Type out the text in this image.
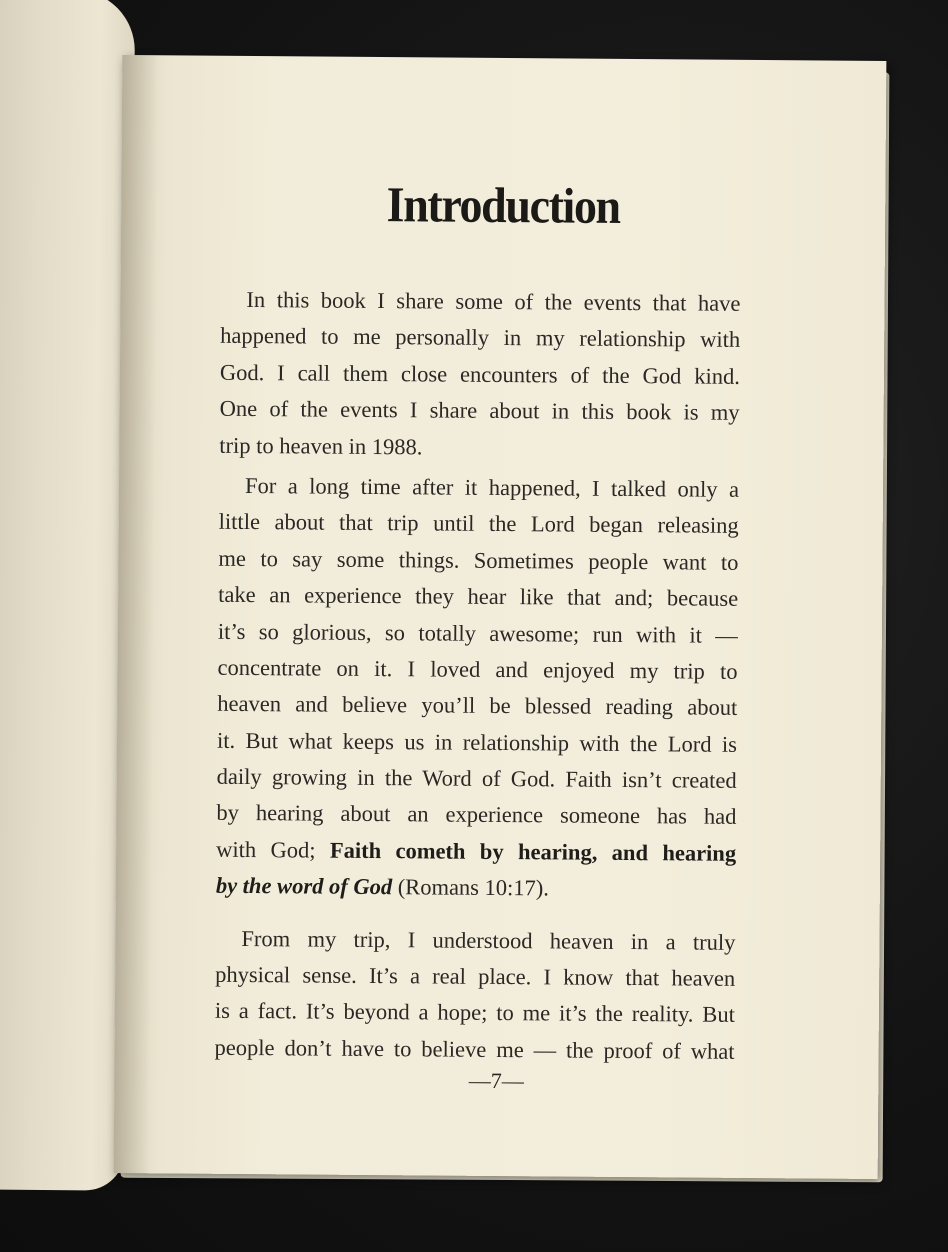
Introduction
In this book I share some of the events that have
happened to me personally in my relationship with
God. I call them close encounters of the God kind.
One of the events I share about in this book is my
trip to heaven in 1988.
For a long time after it happened, I talked only a
little about that trip until the Lord began releasing
me to say some things. Sometimes people want to
take an experience they hear like that and; because
it’s so glorious, so totally awesome; run with it —
concentrate on it. I loved and enjoyed my trip to
heaven and believe you’ll be blessed reading about
it. But what keeps us in relationship with the Lord is
daily growing in the Word of God. Faith isn’t created
by hearing about an experience someone has had
with God; Faith cometh by hearing, and hearing
by the word of God (Romans 10:17).
From my trip, I understood heaven in a truly
physical sense. It’s a real place. I know that heaven
is a fact. It’s beyond a hope; to me it’s the reality. But
people don’t have to believe me — the proof of what
—7—
